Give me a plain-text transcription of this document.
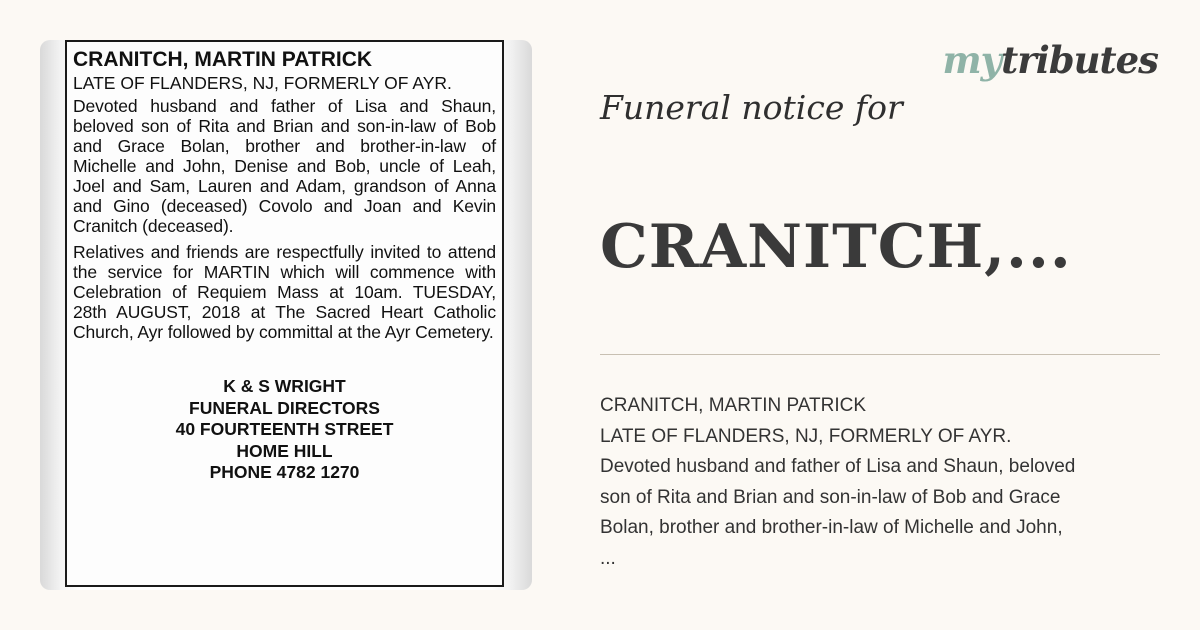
CRANITCH, MARTIN PATRICK
LATE OF FLANDERS, NJ, FORMERLY OF AYR.
Devoted husband and father of Lisa and Shaun, beloved son of Rita and Brian and son-in-law of Bob and Grace Bolan, brother and brother-in-law of Michelle and John, Denise and Bob, uncle of Leah, Joel and Sam, Lauren and Adam, grandson of Anna and Gino (deceased) Covolo and Joan and Kevin Cranitch (deceased).
Relatives and friends are respectfully invited to attend the service for MARTIN which will commence with Celebration of Requiem Mass at 10am. TUESDAY, 28th AUGUST, 2018 at The Sacred Heart Catholic Church, Ayr followed by committal at the Ayr Cemetery.
K & S WRIGHT
FUNERAL DIRECTORS
40 FOURTEENTH STREET
HOME HILL
PHONE 4782 1270
mytributes
Funeral notice for
CRANITCH,...
CRANITCH, MARTIN PATRICK
LATE OF FLANDERS, NJ, FORMERLY OF AYR.
Devoted husband and father of Lisa and Shaun, beloved
son of Rita and Brian and son-in-law of Bob and Grace
Bolan, brother and brother-in-law of Michelle and John,
...
